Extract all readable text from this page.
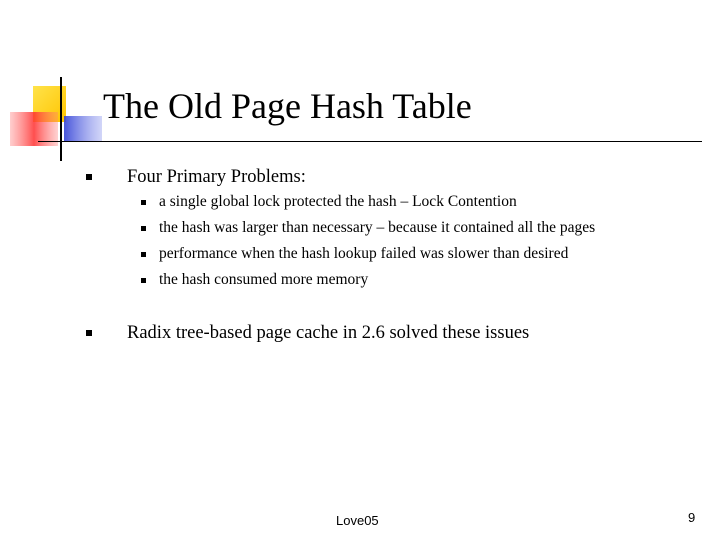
The Old Page Hash Table
Four Primary Problems:
a single global lock protected the hash – Lock Contention
the hash was larger than necessary – because it contained all the pages
performance when the hash lookup failed was slower than desired
the hash consumed more memory
Radix tree-based page cache in 2.6 solved these issues
Love05	9
